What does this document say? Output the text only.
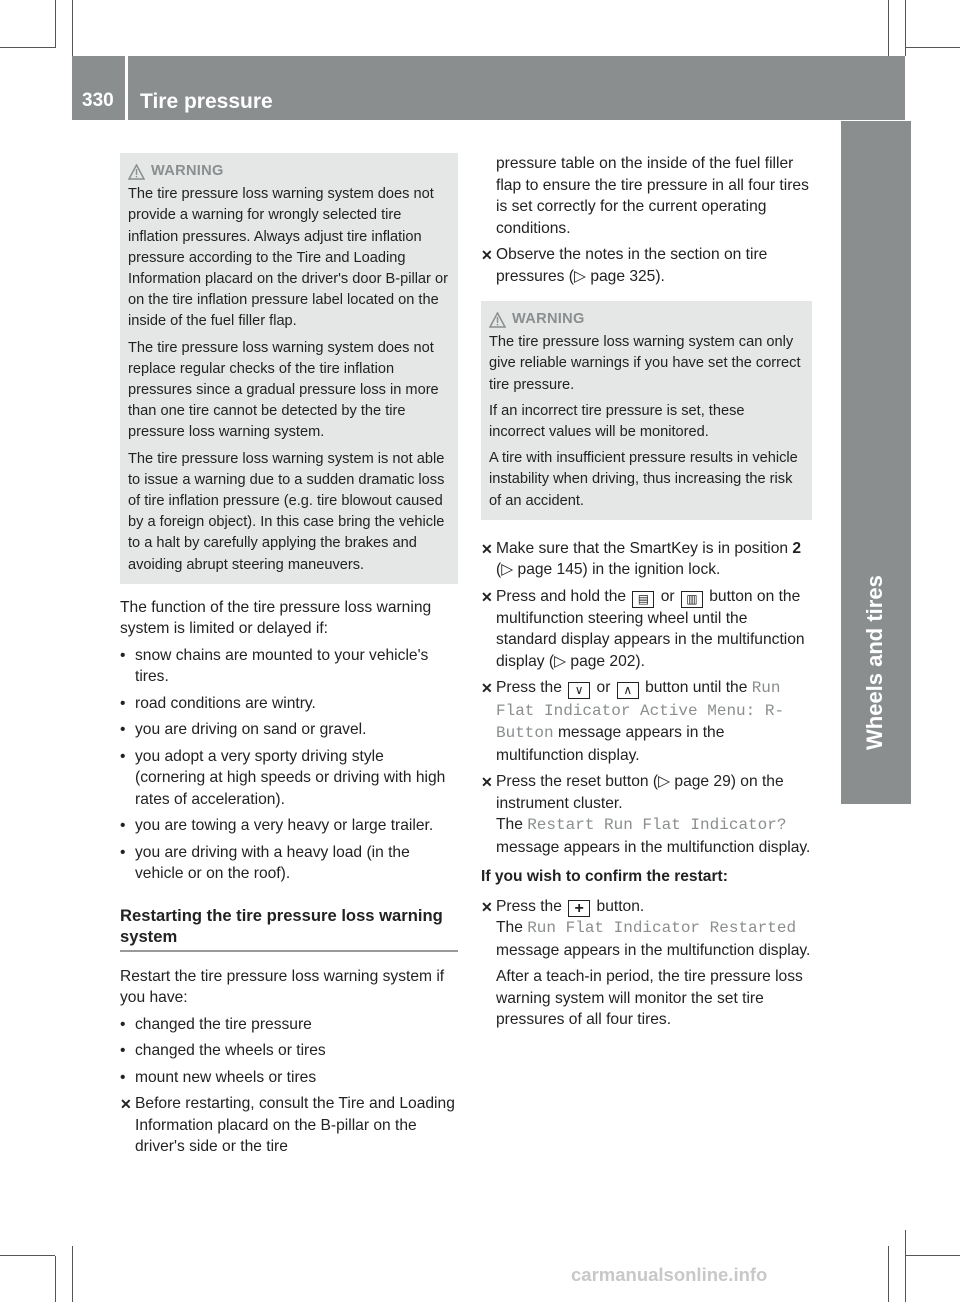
330 Tire pressure
Wheels and tires
WARNING

The tire pressure loss warning system does not provide a warning for wrongly selected tire inflation pressures. Always adjust tire inflation pressure according to the Tire and Loading Information placard on the driver's door B-pillar or on the tire inflation pressure label located on the inside of the fuel filler flap.

The tire pressure loss warning system does not replace regular checks of the tire inflation pressures since a gradual pressure loss in more than one tire cannot be detected by the tire pressure loss warning system.

The tire pressure loss warning system is not able to issue a warning due to a sudden dramatic loss of tire inflation pressure (e.g. tire blowout caused by a foreign object). In this case bring the vehicle to a halt by carefully applying the brakes and avoiding abrupt steering maneuvers.

The function of the tire pressure loss warning system is limited or delayed if:

• snow chains are mounted to your vehicle's tires.
• road conditions are wintry.
• you are driving on sand or gravel.
• you adopt a very sporty driving style (cornering at high speeds or driving with high rates of acceleration).
• you are towing a very heavy or large trailer.
• you are driving with a heavy load (in the vehicle or on the roof).
Restarting the tire pressure loss warning system

Restart the tire pressure loss warning system if you have:

• changed the tire pressure
• changed the wheels or tires
• mount new wheels or tires
✕ Before restarting, consult the Tire and Loading Information placard on the B-pillar on the driver's side or the tire
pressure table on the inside of the fuel filler flap to ensure the tire pressure in all four tires is set correctly for the current operating conditions.
✕ Observe the notes in the section on tire pressures (▷ page 325).
WARNING

The tire pressure loss warning system can only give reliable warnings if you have set the correct tire pressure.

If an incorrect tire pressure is set, these incorrect values will be monitored.

A tire with insufficient pressure results in vehicle instability when driving, thus increasing the risk of an accident.

✕ Make sure that the SmartKey is in position 2 (▷ page 145) in the ignition lock.
✕ Press and hold the ▤ or ▥ button on the multifunction steering wheel until the standard display appears in the multifunction display (▷ page 202).
✕ Press the ∨ or ∧ button until the Run Flat Indicator Active Menu: R-Button message appears in the multifunction display.
✕ Press the reset button (▷ page 29) on the instrument cluster.
The Restart Run Flat Indicator? message appears in the multifunction display.
If you wish to confirm the restart:
✕ Press the + button.
The Run Flat Indicator Restarted message appears in the multifunction display.
After a teach-in period, the tire pressure loss warning system will monitor the set tire pressures of all four tires.
carmanualsonline.info
